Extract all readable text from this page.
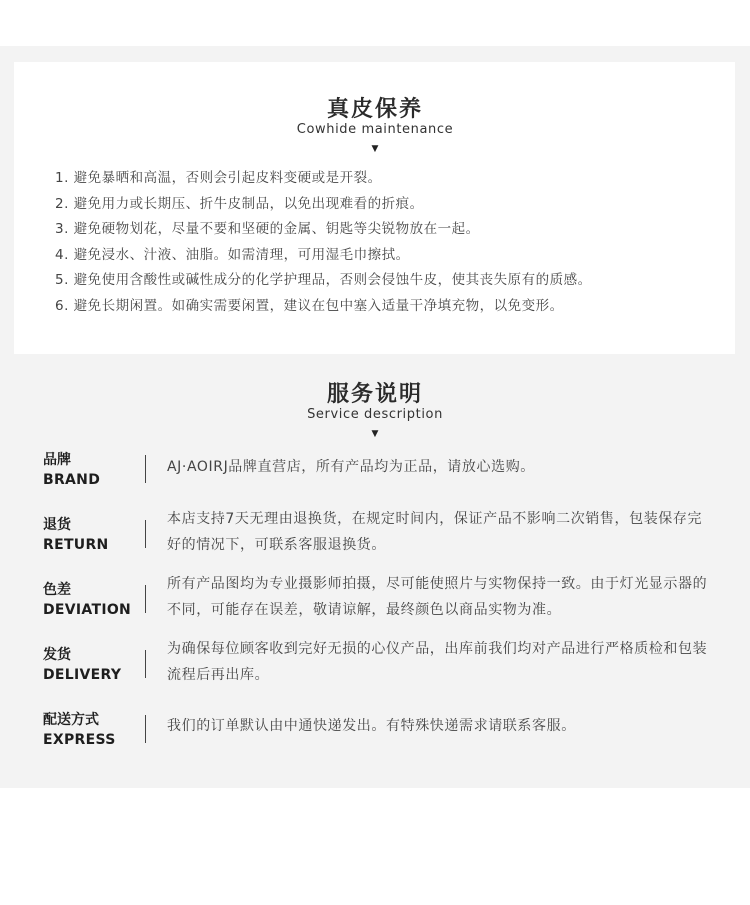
真皮保养
Cowhide maintenance
▼
1. 避免暴晒和高温，否则会引起皮料变硬或是开裂。
2. 避免用力或长期压、折牛皮制品，以免出现难看的折痕。
3. 避免硬物划花，尽量不要和坚硬的金属、钥匙等尖锐物放在一起。
4. 避免浸水、汁液、油脂。如需清理，可用湿毛巾擦拭。
5. 避免使用含酸性或碱性成分的化学护理品，否则会侵蚀牛皮，使其丧失原有的质感。
6. 避免长期闲置。如确实需要闲置，建议在包中塞入适量干净填充物，以免变形。
服务说明
Service description
▼
品牌
BRAND
AJ·AOIRJ品牌直营店，所有产品均为正品，请放心选购。
退货
RETURN
本店支持7天无理由退换货，在规定时间内，保证产品不影响二次销售，包装保存完好的情况下，可联系客服退换货。
色差
DEVIATION
所有产品图均为专业摄影师拍摄，尽可能使照片与实物保持一致。由于灯光显示器的不同，可能存在误差，敬请谅解，最终颜色以商品实物为准。
发货
DELIVERY
为确保每位顾客收到完好无损的心仪产品，出库前我们均对产品进行严格质检和包装流程后再出库。
配送方式
EXPRESS
我们的订单默认由中通快递发出。有特殊快递需求请联系客服。
